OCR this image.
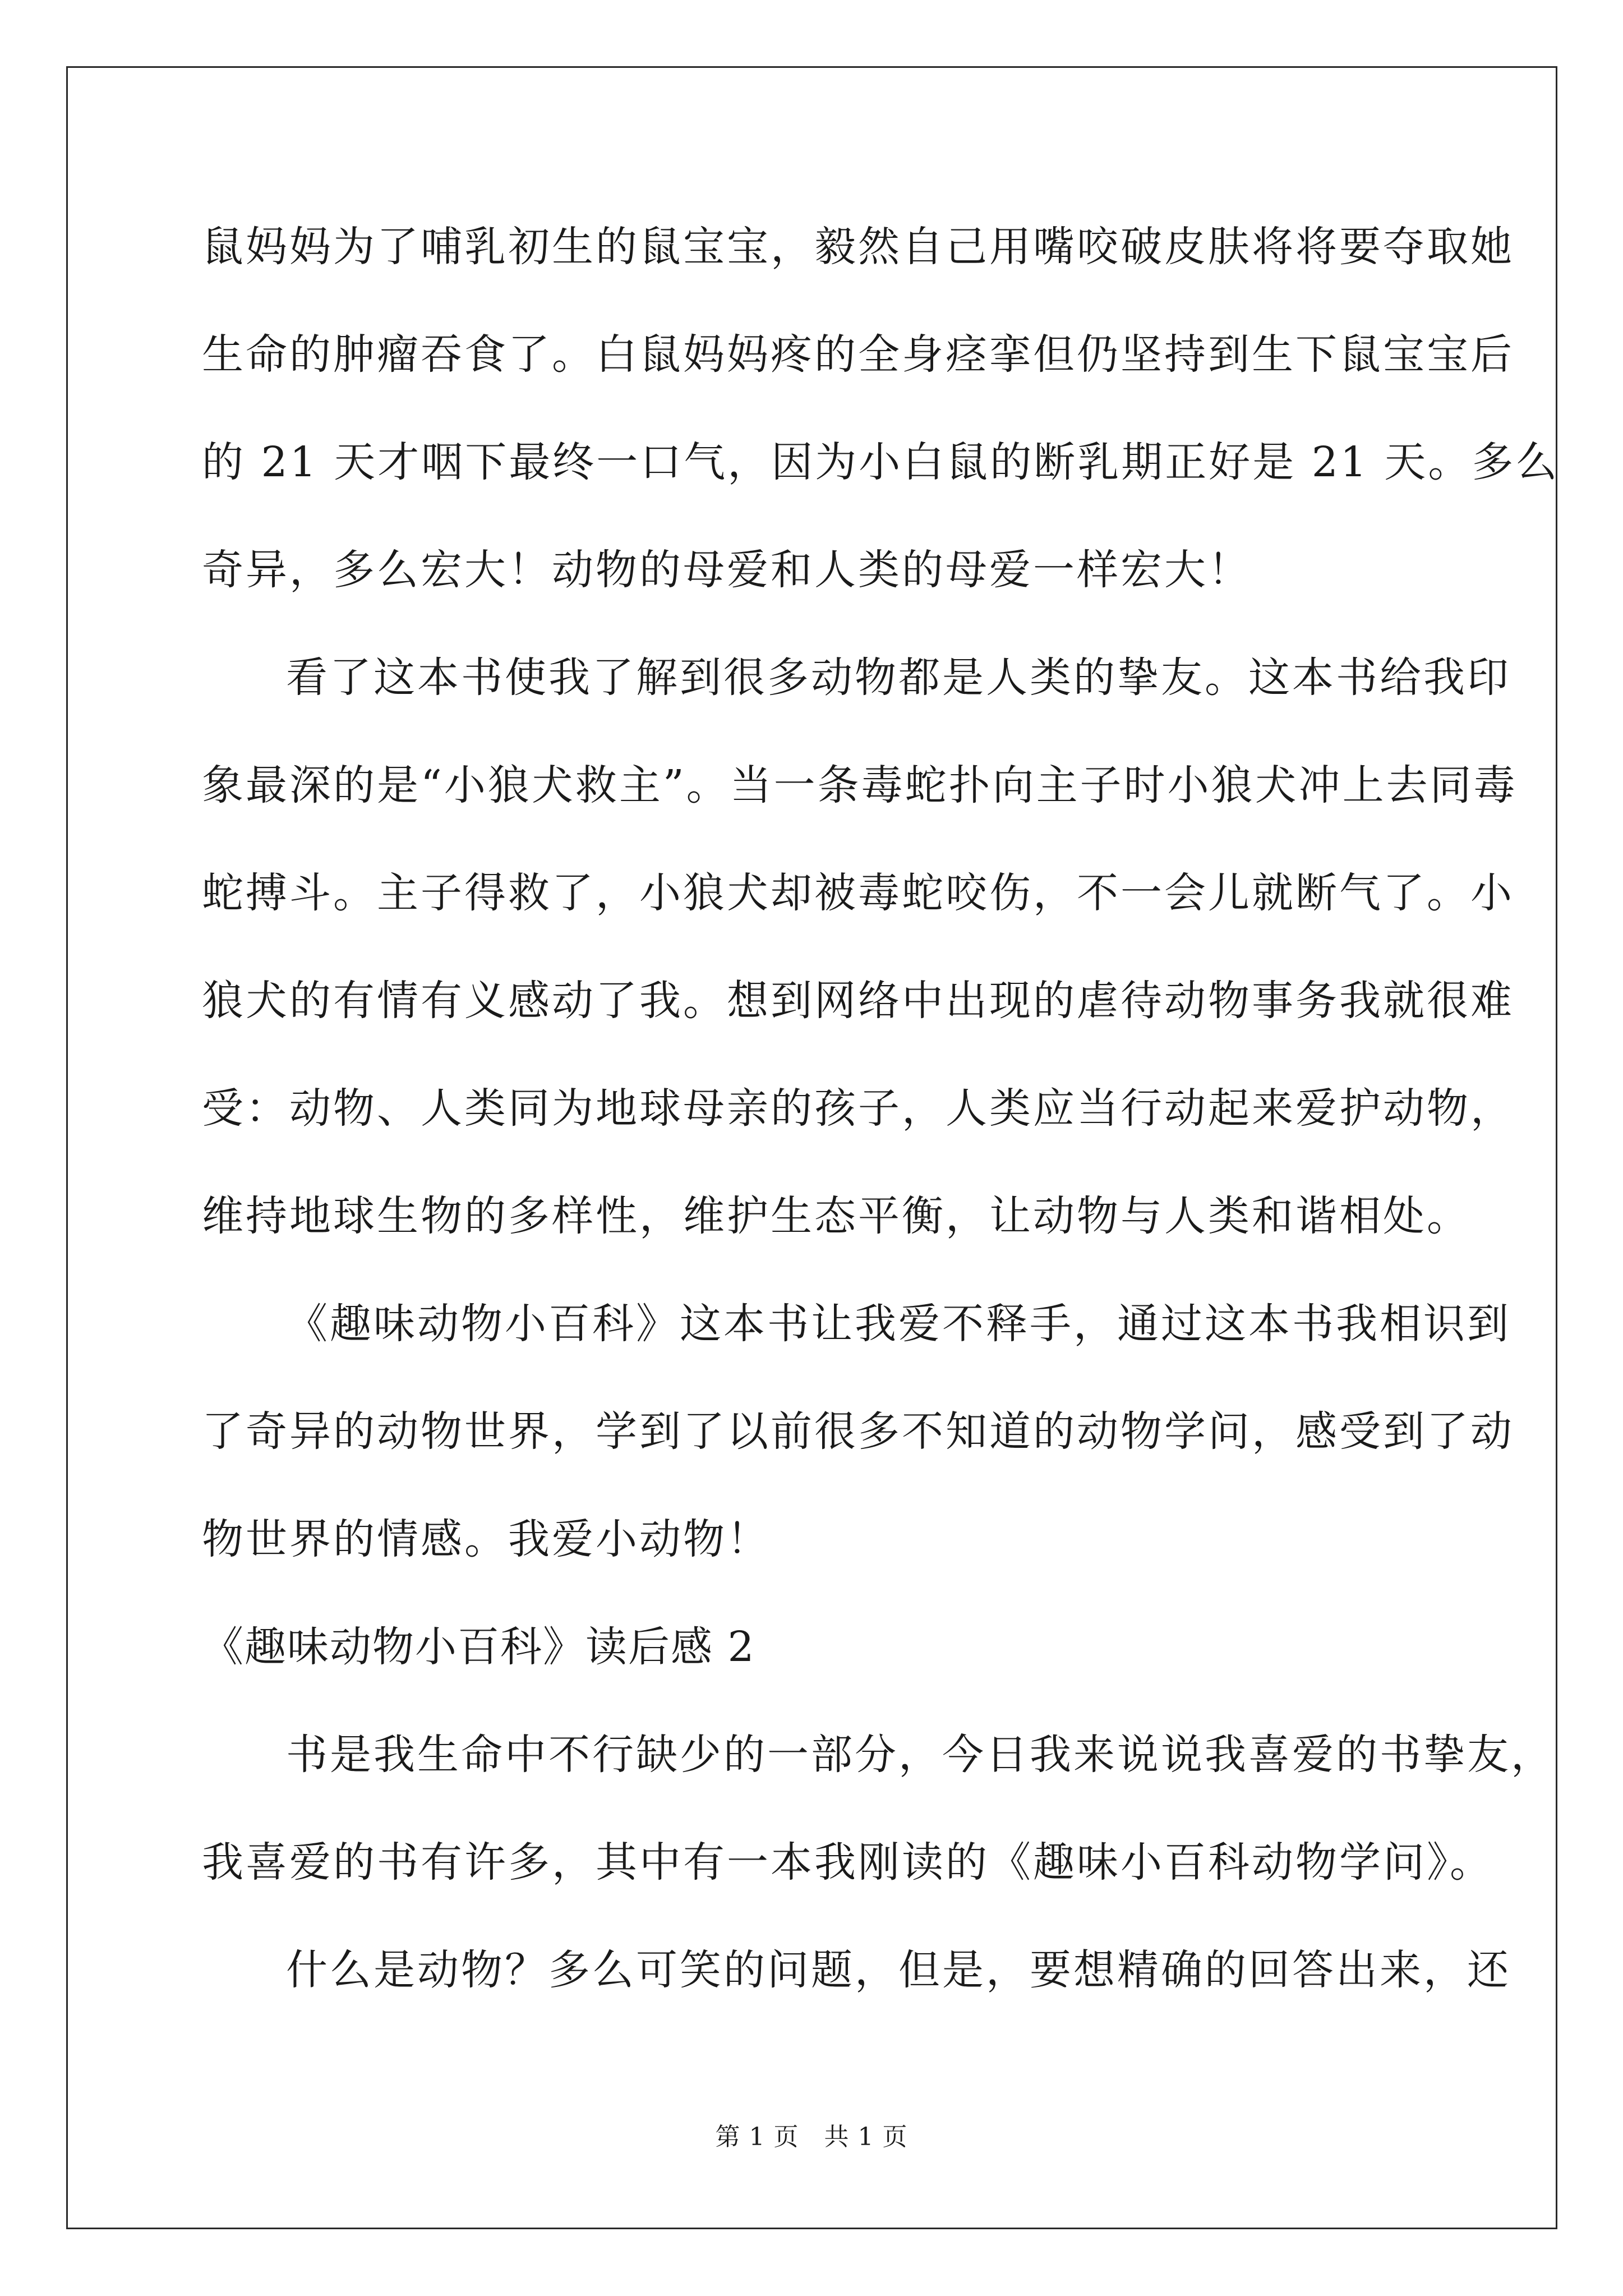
鼠妈妈为了哺乳初生的鼠宝宝，毅然自己用嘴咬破皮肤将将要夺取她
生命的肿瘤吞食了。白鼠妈妈疼的全身痉挛但仍坚持到生下鼠宝宝后
的 21 天才咽下最终一口气，因为小白鼠的断乳期正好是 21 天。多么
奇异，多么宏大！动物的母爱和人类的母爱一样宏大！
看了这本书使我了解到很多动物都是人类的挚友。这本书给我印
象最深的是“小狼犬救主”。当一条毒蛇扑向主子时小狼犬冲上去同毒
蛇搏斗。主子得救了，小狼犬却被毒蛇咬伤，不一会儿就断气了。小
狼犬的有情有义感动了我。想到网络中出现的虐待动物事务我就很难
受：动物、人类同为地球母亲的孩子，人类应当行动起来爱护动物，
维持地球生物的多样性，维护生态平衡，让动物与人类和谐相处。
《趣味动物小百科》这本书让我爱不释手，通过这本书我相识到
了奇异的动物世界，学到了以前很多不知道的动物学问，感受到了动
物世界的情感。我爱小动物！
《趣味动物小百科》读后感 2
书是我生命中不行缺少的一部分，今日我来说说我喜爱的书挚友，
我喜爱的书有许多，其中有一本我刚读的《趣味小百科动物学问》。
什么是动物？多么可笑的问题，但是，要想精确的回答出来，还
第 1 页　共 1 页
